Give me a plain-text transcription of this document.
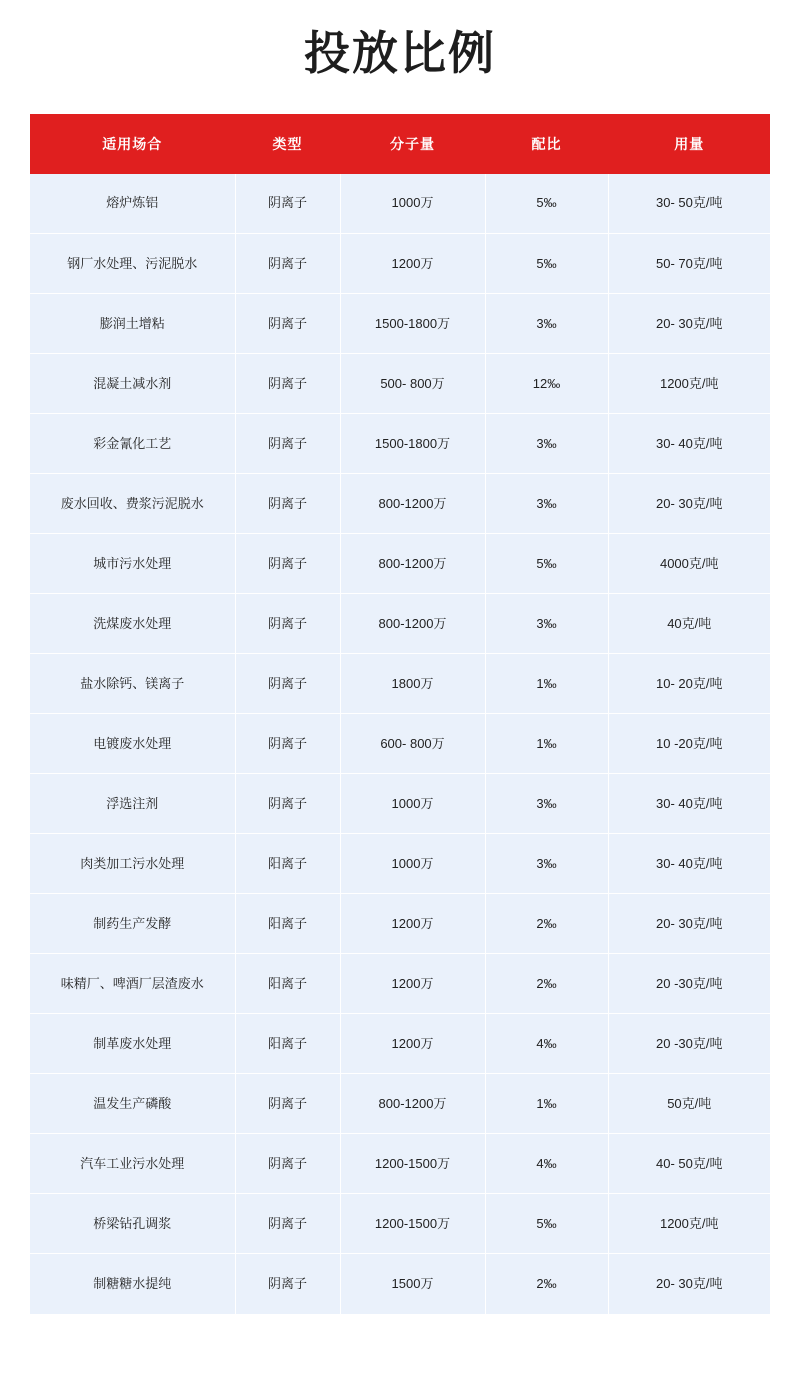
投放比例
适用场合	类型	分子量	配比	用量
熔炉炼铝	阴离子	1000万	5‰	30- 50克/吨
钢厂水处理、污泥脱水	阴离子	1200万	5‰	50- 70克/吨
膨润土增粘	阴离子	1500-1800万	3‰	20- 30克/吨
混凝土减水剂	阴离子	500- 800万	12‰	1200克/吨
彩金氰化工艺	阴离子	1500-1800万	3‰	30- 40克/吨
废水回收、费浆污泥脱水	阴离子	800-1200万	3‰	20- 30克/吨
城市污水处理	阴离子	800-1200万	5‰	4000克/吨
洗煤废水处理	阴离子	800-1200万	3‰	40克/吨
盐水除钙、镁离子	阴离子	1800万	1‰	10- 20克/吨
电镀废水处理	阴离子	600- 800万	1‰	10 -20克/吨
浮选注剂	阴离子	1000万	3‰	30- 40克/吨
肉类加工污水处理	阳离子	1000万	3‰	30- 40克/吨
制药生产发酵	阳离子	1200万	2‰	20- 30克/吨
味精厂、啤酒厂层渣废水	阳离子	1200万	2‰	20 -30克/吨
制革废水处理	阳离子	1200万	4‰	20 -30克/吨
温发生产磷酸	阴离子	800-1200万	1‰	50克/吨
汽车工业污水处理	阴离子	1200-1500万	4‰	40- 50克/吨
桥梁钻孔调浆	阴离子	1200-1500万	5‰	1200克/吨
制糖糖水提纯	阴离子	1500万	2‰	20- 30克/吨
